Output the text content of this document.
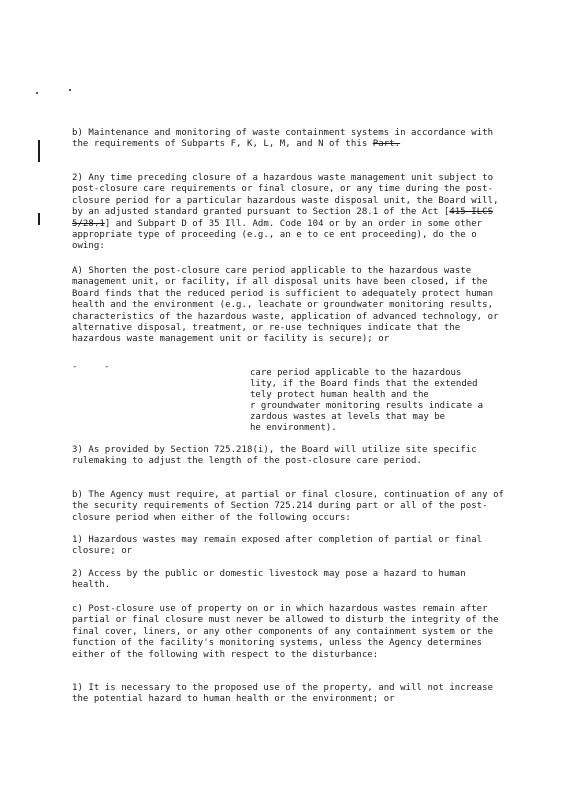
b) Maintenance and monitoring of waste containment systems in accordance with the requirements of Subparts F, K, L, M, and N of this Part.

2) Any time preceding closure of a hazardous waste management unit subject to post-closure care requirements or final closure, or any time during the post-closure period for a particular hazardous waste disposal unit, the Board will, by an adjusted standard granted pursuant to Section 28.1 of the Act [415 ILCS 5/28.1] and Subpart D of 35 Ill. Adm. Code 104 or by an order in some other appropriate type of proceeding (e.g., an e to ce ent proceeding), do the o owing:

A) Shorten the post-closure care period applicable to the hazardous waste management unit, or facility, if all disposal units have been closed, if the Board finds that the reduced period is sufficient to adequately protect human health and the environment (e.g., leachate or groundwater monitoring results, characteristics of the hazardous waste, application of advanced technology, or alternative disposal, treatment, or re-use techniques indicate that the hazardous waste management unit or facility is secure); or

-	-

care period applicable to the hazardous

lity, if the Board finds that the extended

tely protect human health and the

r groundwater monitoring results indicate a

zardous wastes at levels that may be

he environment).

3) As provided by Section 725.218(i), the Board will utilize site specific rulemaking to adjust the length of the post-closure care period.

b) The Agency must require, at partial or final closure, continuation of any of the security requirements of Section 725.214 during part or all of the post-closure period when either of the following occurs:

1) Hazardous wastes may remain exposed after completion of partial or final closure; or

2) Access by the public or domestic livestock may pose a hazard to human health.

c) Post-closure use of property on or in which hazardous wastes remain after partial or final closure must never be allowed to disturb the integrity of the final cover, liners, or any other components of any containment system or the function of the facility's monitoring systems, unless the Agency determines either of the following with respect to the disturbance:

1) It is necessary to the proposed use of the property, and will not increase the potential hazard to human health or the environment; or
